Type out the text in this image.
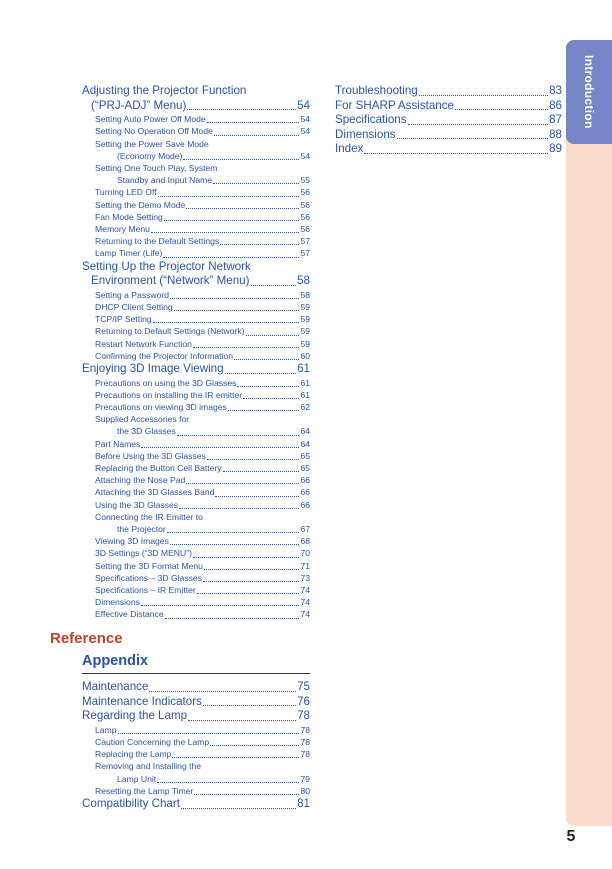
Introduction
Adjusting the Projector Function
(“PRJ-ADJ” Menu)	54
Setting Auto Power Off Mode	54
Setting No Operation Off Mode	54
Setting the Power Save Mode
(Economy Mode)	54
Setting One Touch Play, System
Standby and Input Name	55
Turning LED Off	56
Setting the Demo Mode	56
Fan Mode Setting	56
Memory Menu	56
Returning to the Default Settings	57
Lamp Timer (Life)	57
Setting Up the Projector Network
Environment (“Network” Menu)	58
Setting a Password	58
DHCP Client Setting	59
TCP/IP Setting	59
Returning to Default Settings (Network)	59
Restart Network Function	59
Confirming the Projector Information	60
Enjoying 3D Image Viewing	61
Precautions on using the 3D Glasses	61
Precautions on installing the IR emitter	61
Precautions on viewing 3D images	62
Supplied Accessories for
the 3D Glasses	64
Part Names	64
Before Using the 3D Glasses	65
Replacing the Button Cell Battery	65
Attaching the Nose Pad	66
Attaching the 3D Glasses Band	66
Using the 3D Glasses	66
Connecting the IR Emitter to
the Projector	67
Viewing 3D Images	68
3D Settings (“3D MENU”)	70
Setting the 3D Format Menu	71
Specifications – 3D Glasses	73
Specifications – IR Emitter	74
Dimensions	74
Effective Distance	74
Reference
Appendix
Maintenance	75
Maintenance Indicators	76
Regarding the Lamp	78
Lamp	78
Caution Concerning the Lamp	78
Replacing the Lamp	78
Removing and Installing the
Lamp Unit	79
Resetting the Lamp Timer	80
Compatibility Chart	81
Troubleshooting	83
For SHARP Assistance	86
Specifications	87
Dimensions	88
Index	89
5
